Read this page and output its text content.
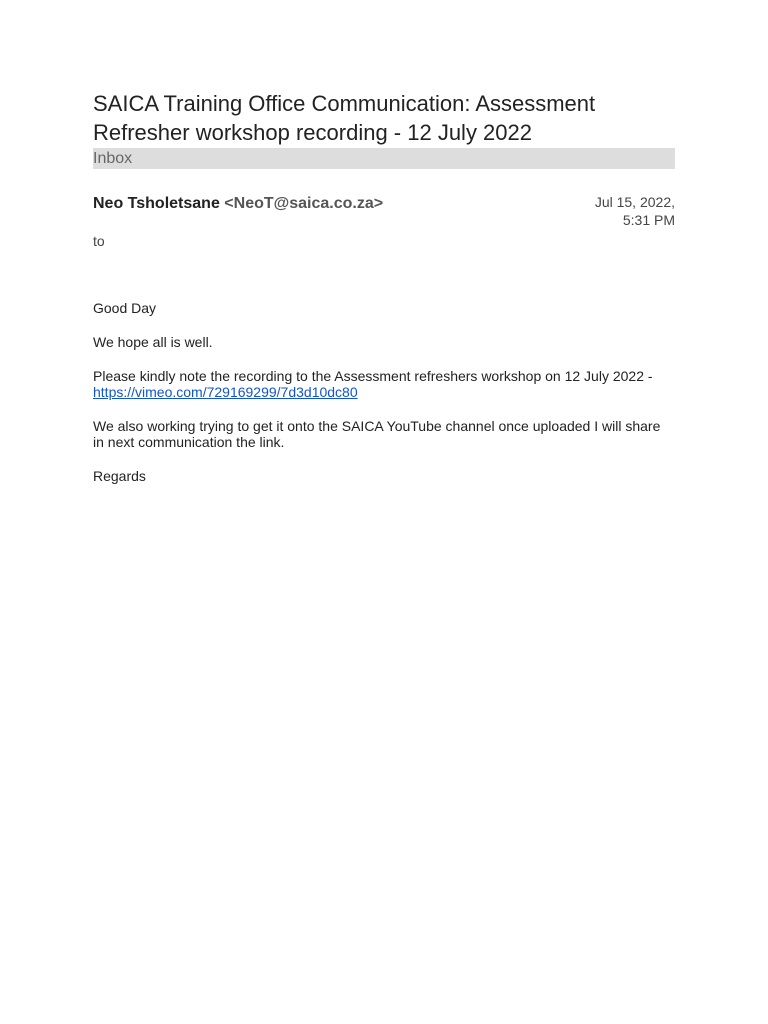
SAICA Training Office Communication: Assessment Refresher workshop recording - 12 July 2022
Inbox
Neo Tsholetsane <NeoT@saica.co.za>	Jul 15, 2022,
5:31 PM
to

Good Day

We hope all is well.

Please kindly note the recording to the Assessment refreshers workshop on 12 July 2022 - https://vimeo.com/729169299/7d3d10dc80

We also working trying to get it onto the SAICA YouTube channel once uploaded I will share in next communication the link.

Regards
